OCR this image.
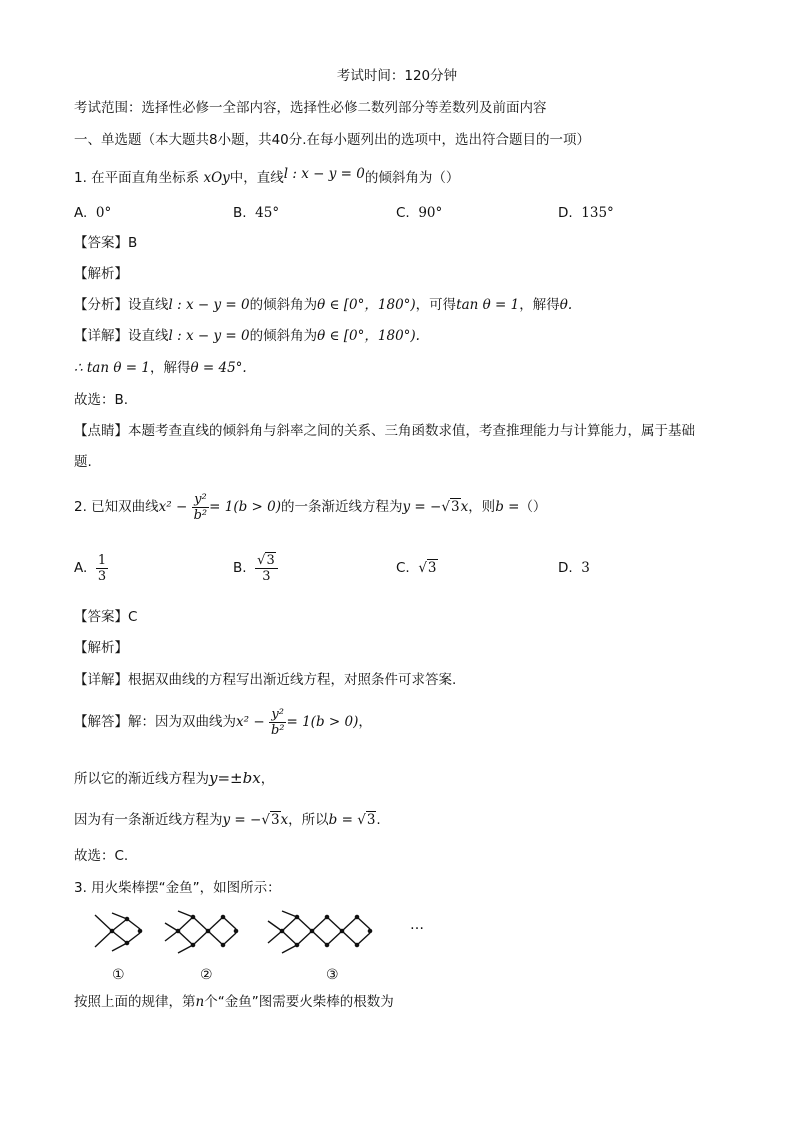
考试时间：120分钟
考试范围：选择性必修一全部内容，选择性必修二数列部分等差数列及前面内容
一、单选题（本大题共8小题，共40分.在每小题列出的选项中，选出符合题目的一项）
1. 在平面直角坐标系 xOy中，直线l : x − y = 0的倾斜角为（）
A. 0°	B. 45°	C. 90°	D. 135°
【答案】B
【解析】
【分析】设直线l : x − y = 0的倾斜角为θ ∈ [0°，180°)，可得tan θ = 1，解得θ.
【详解】设直线l : x − y = 0的倾斜角为θ ∈ [0°，180°).
∴ tan θ = 1，解得θ = 45°.
故选：B.
【点睛】本题考查直线的倾斜角与斜率之间的关系、三角函数求值，考查推理能力与计算能力，属于基础
题.
2. 已知双曲线$x^2 - \frac{\text{y²}}{\text{b²}} = 1(b > 0)$的一条渐近线方程为y = −√3x，则b =（）
A. $\frac{1}{3}$	B. $\frac{√3}{3}$	C. √3	D. 3
【答案】C
【解析】
【详解】根据双曲线的方程写出渐近线方程，对照条件可求答案.
【解答】解：因为双曲线为$x^2 - \frac{\text{y²}}{\text{b²}} = 1(b > 0)$，
所以它的渐近线方程为y=±bx，
因为有一条渐近线方程为y = −√3x，所以b = √3.
故选：C.
3. 用火柴棒摆“金鱼”，如图所示：
…
①	②	③
按照上面的规律，第n个“金鱼”图需要火柴棒的根数为
